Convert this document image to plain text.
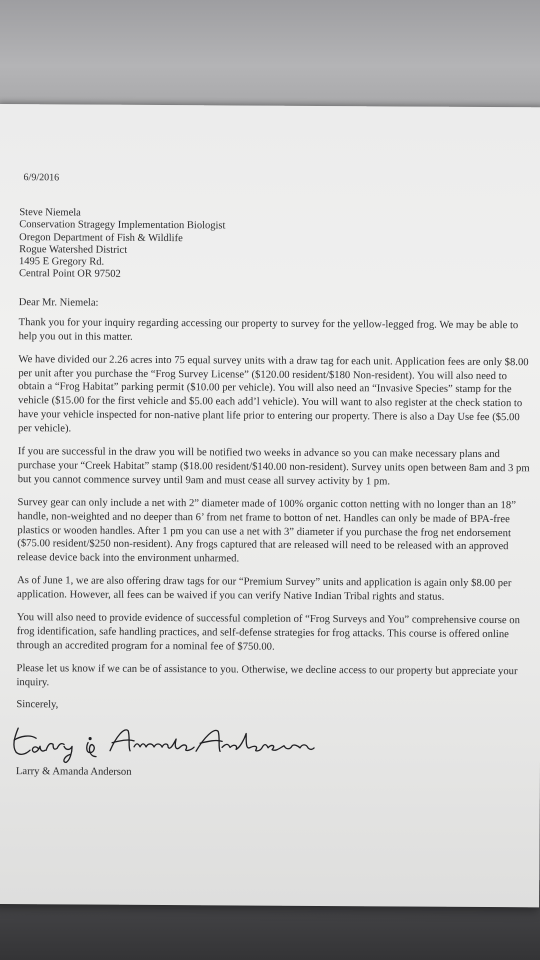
6/9/2016
Steve Niemela
Conservation Stragegy Implementation Biologist
Oregon Department of Fish & Wildlife
Rogue Watershed District
1495 E Gregory Rd.
Central Point OR 97502
Dear Mr. Niemela:

Thank you for your inquiry regarding accessing our property to survey for the yellow-legged frog. We may be able to help you out in this matter.

We have divided our 2.26 acres into 75 equal survey units with a draw tag for each unit. Application fees are only $8.00 per unit after you purchase the “Frog Survey License” ($120.00 resident/$180 Non-resident). You will also need to obtain a “Frog Habitat” parking permit ($10.00 per vehicle). You will also need an “Invasive Species” stamp for the vehicle ($15.00 for the first vehicle and $5.00 each add’l vehicle). You will want to also register at the check station to have your vehicle inspected for non-native plant life prior to entering our property. There is also a Day Use fee ($5.00 per vehicle).

If you are successful in the draw you will be notified two weeks in advance so you can make necessary plans and purchase your “Creek Habitat” stamp ($18.00 resident/$140.00 non-resident). Survey units open between 8am and 3 pm but you cannot commence survey until 9am and must cease all survey activity by 1 pm.

Survey gear can only include a net with 2” diameter made of 100% organic cotton netting with no longer than an 18” handle, non-weighted and no deeper than 6’ from net frame to botton of net. Handles can only be made of BPA-free plastics or wooden handles. After 1 pm you can use a net with 3” diameter if you purchase the frog net endorsement ($75.00 resident/$250 non-resident). Any frogs captured that are released will need to be released with an approved release device back into the environment unharmed.

As of June 1, we are also offering draw tags for our “Premium Survey” units and application is again only $8.00 per application. However, all fees can be waived if you can verify Native Indian Tribal rights and status.

You will also need to provide evidence of successful completion of “Frog Surveys and You” comprehensive course on frog identification, safe handling practices, and self-defense strategies for frog attacks. This course is offered online through an accredited program for a nominal fee of $750.00.

Please let us know if we can be of assistance to you. Otherwise, we decline access to our property but appreciate your inquiry.

Sincerely,
Larry & Amanda Anderson
